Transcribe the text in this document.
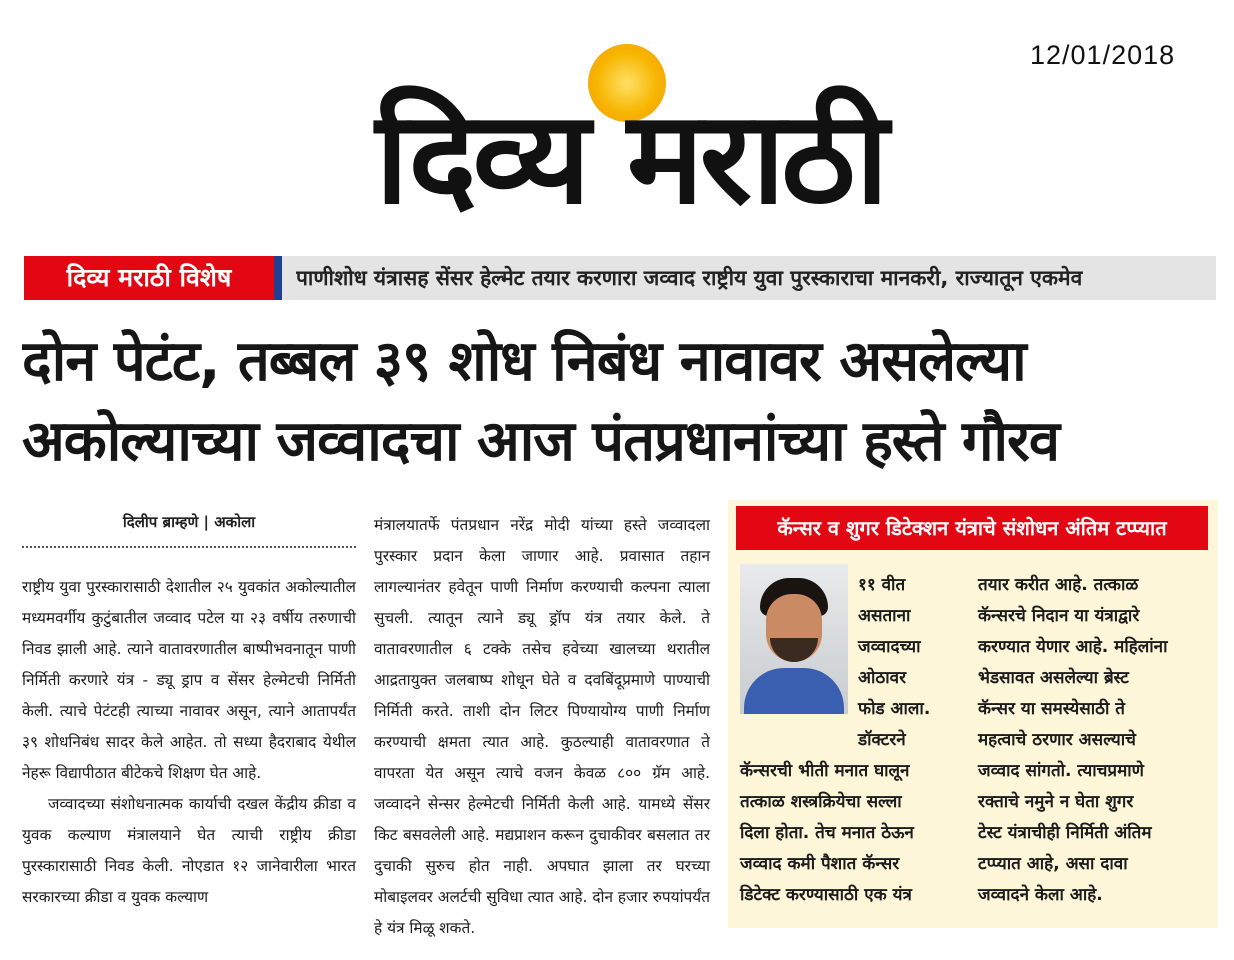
12/01/2018
दिव्य मराठी
दिव्य मराठी विशेष	पाणीशोध यंत्रासह सेंसर हेल्मेट तयार करणारा जव्वाद राष्ट्रीय युवा पुरस्काराचा मानकरी, राज्यातून एकमेव
दोन पेटंट, तब्बल ३९ शोध निबंध नावावर असलेल्या
अकोल्याच्या जव्वादचा आज पंतप्रधानांच्या हस्ते गौरव
दिलीप ब्राम्हणे | अकोला

राष्ट्रीय युवा पुरस्कारासाठी देशातील २५ युवकांत अकोल्यातील मध्यमवर्गीय कुटुंबातील जव्वाद पटेल या २३ वर्षीय तरुणाची निवड झाली आहे. त्याने वातावरणातील बाष्पीभवनातून पाणी निर्मिती करणारे यंत्र - ड्यू ड्राप व सेंसर हेल्मेटची निर्मिती केली. त्याचे पेटंटही त्याच्या नावावर असून, त्याने आतापर्यंत ३९ शोधनिबंध सादर केले आहेत. तो सध्या हैदराबाद येथील नेहरू विद्यापीठात बीटेकचे शिक्षण घेत आहे.

जव्वादच्या संशोधनात्मक कार्याची दखल केंद्रीय क्रीडा व युवक कल्याण मंत्रालयाने घेत त्याची राष्ट्रीय क्रीडा पुरस्कारासाठी निवड केली. नोएडात १२ जानेवारीला भारत सरकारच्या क्रीडा व युवक कल्याण

मंत्रालयातर्फे पंतप्रधान नरेंद्र मोदी यांच्या हस्ते जव्वादला पुरस्कार प्रदान केला जाणार आहे. प्रवासात तहान लागल्यानंतर हवेतून पाणी निर्माण करण्याची कल्पना त्याला सुचली. त्यातून त्याने ड्यू ड्रॉप यंत्र तयार केले. ते वातावरणातील ६ टक्के तसेच हवेच्या खालच्या थरातील आद्रतायुक्त जलबाष्प शोधून घेते व दवबिंदूप्रमाणे पाण्याची निर्मिती करते. ताशी दोन लिटर पिण्यायोग्य पाणी निर्माण करण्याची क्षमता त्यात आहे. कुठल्याही वातावरणात ते वापरता येत असून त्याचे वजन केवळ ८०० ग्रॅम आहे. जव्वादने सेन्सर हेल्मेटची निर्मिती केली आहे. यामध्ये सेंसर किट बसवलेली आहे. मद्यप्राशन करून दुचाकीवर बसलात तर दुचाकी सुरुच होत नाही. अपघात झाला तर घरच्या मोबाइलवर अलर्टची सुविधा त्यात आहे. दोन हजार रुपयांपर्यंत हे यंत्र मिळू शकते.

कॅन्सर व शुगर डिटेक्शन यंत्राचे संशोधन अंतिम टप्प्यात

११ वीत

असताना

जव्वादच्या

ओठावर

फोड आला.

डॉक्टरने

कॅन्सरची भीती मनात घालून

तत्काळ शस्त्रक्रियेचा सल्ला

दिला होता. तेच मनात ठेऊन

जव्वाद कमी पैशात कॅन्सर

डिटेक्ट करण्यासाठी एक यंत्र

तयार करीत आहे. तत्काळ

कॅन्सरचे निदान या यंत्राद्वारे

करण्यात येणार आहे. महिलांना

भेडसावत असलेल्या ब्रेस्ट

कॅन्सर या समस्येसाठी ते

महत्वाचे ठरणार असल्याचे

जव्वाद सांगतो. त्याचप्रमाणे

रक्ताचे नमुने न घेता शुगर

टेस्ट यंत्राचीही निर्मिती अंतिम

टप्प्यात आहे, असा दावा

जव्वादने केला आहे.
